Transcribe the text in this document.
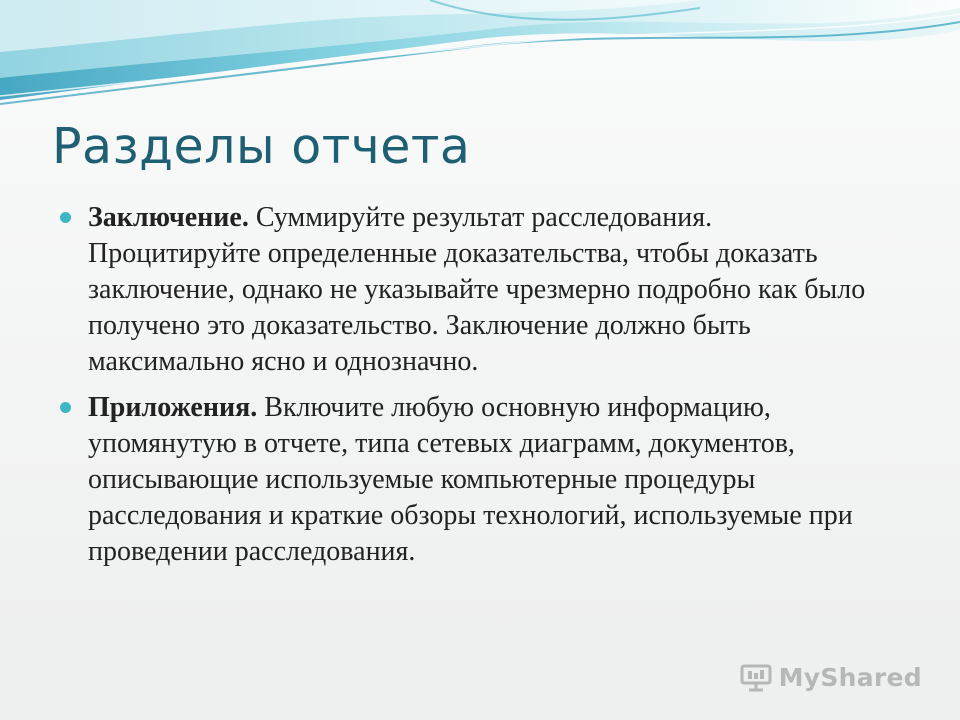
Разделы отчета

Заключение. Суммируйте результат расследования. Процитируйте определенные доказательства, чтобы доказать заключение, однако не указывайте чрезмерно подробно как было получено это доказательство. Заключение должно быть максимально ясно и однозначно.

Приложения. Включите любую основную информацию, упомянутую в отчете, типа сетевых диаграмм, документов, описывающие используемые компьютерные процедуры расследования и краткие обзоры технологий, используемые при проведении расследования.

MyShared
